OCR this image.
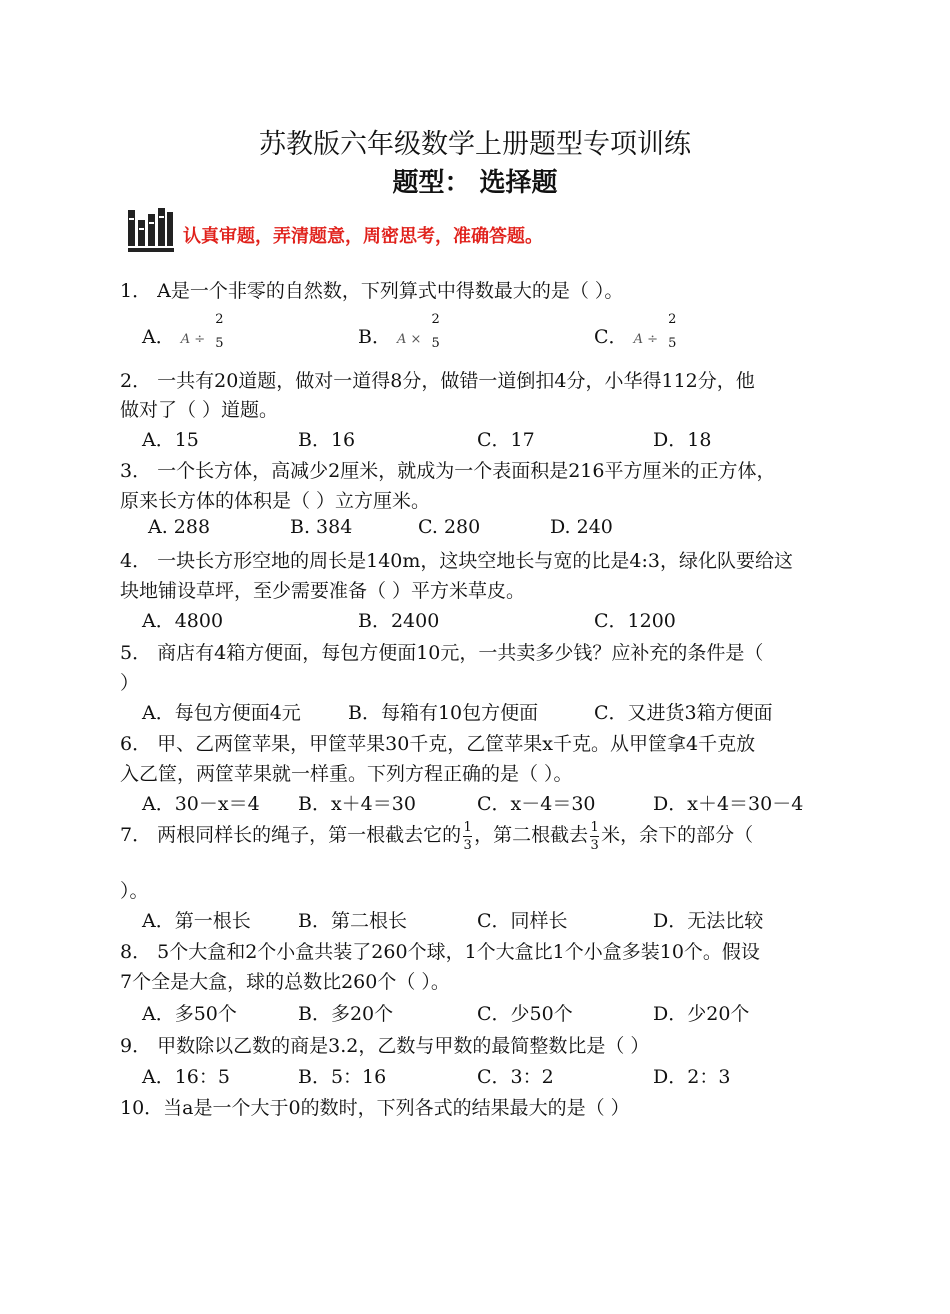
苏教版六年级数学上册题型专项训练
题型： 选择题
认真审题，弄清题意，周密思考，准确答题。
1． A是一个非零的自然数，下列算式中得数最大的是（ ）。
A． A ÷
2
5	B． A ×
2
5	C． A ÷
2
5
2． 一共有20道题，做对一道得8分，做错一道倒扣4分，小华得112分，他
做对了（ ）道题。
A．15	B．16	C．17	D．18
3． 一个长方体，高减少2厘米，就成为一个表面积是216平方厘米的正方体，
原来长方体的体积是（ ）立方厘米。
A. 288	B. 384	C. 280	D. 240
4． 一块长方形空地的周长是140m，这块空地长与宽的比是4:3，绿化队要给这
块地铺设草坪，至少需要准备（ ）平方米草皮。
A．4800	B．2400	C．1200
5． 商店有4箱方便面，每包方便面10元，一共卖多少钱？应补充的条件是（
）
A．每包方便面4元 B．每箱有10包方便面	C．又进货3箱方便面
6． 甲、乙两筐苹果，甲筐苹果30千克，乙筐苹果x千克。从甲筐拿4千克放
入乙筐，两筐苹果就一样重。下列方程正确的是（ ）。
A．30－x＝4 B．x＋4＝30	C．x－4＝30	D．x＋4＝30－4
7． 两根同样长的绳子，第一根截去它的 $\frac{1}{3}$ ，第二根截去 $\frac{1}{3}$ 米，余下的部分（
）。
A．第一根长 B．第二根长	C．同样长	D．无法比较
8． 5个大盒和2个小盒共装了260个球，1个大盒比1个小盒多装10个。假设
7个全是大盒，球的总数比260个（ ）。
A．多50个	B．多20个	C．少50个	D．少20个
9． 甲数除以乙数的商是3.2，乙数与甲数的最简整数比是（ ）
A．16：5	B．5：16	C．3：2	D．2：3
10．当a是一个大于0的数时，下列各式的结果最大的是（ ）
